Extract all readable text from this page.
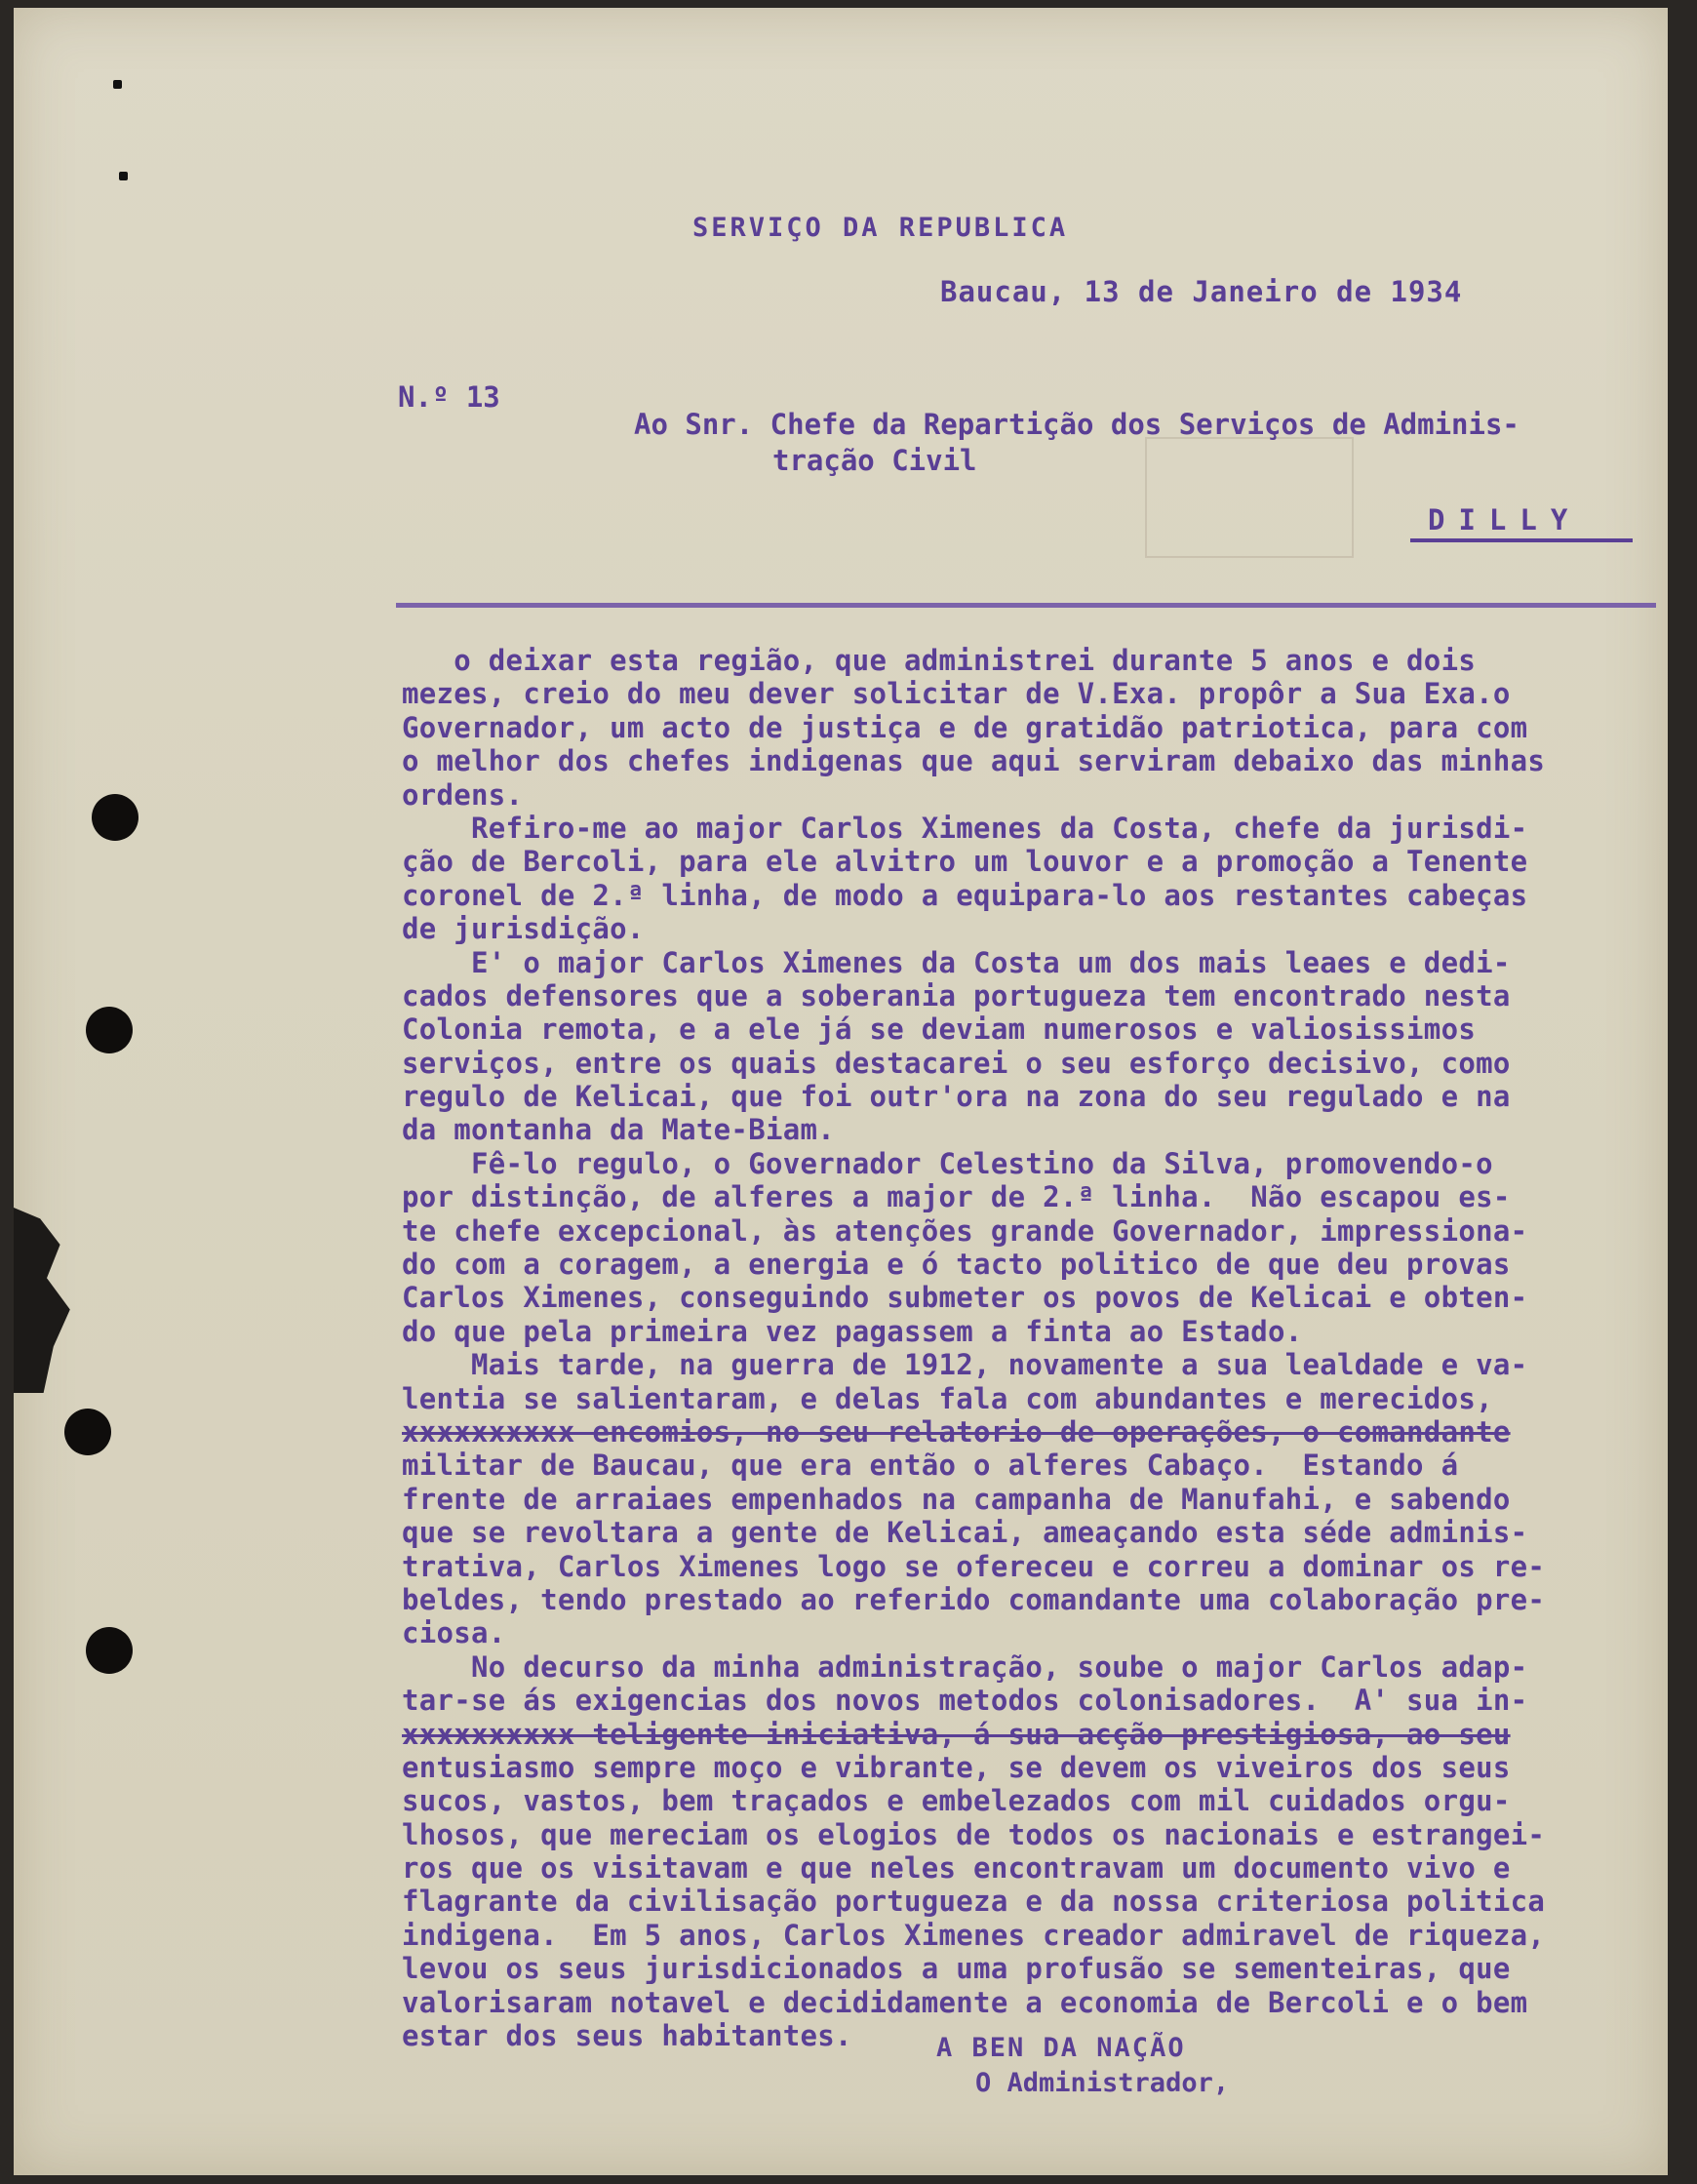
SERVIÇO DA REPUBLICA
Baucau, 13 de Janeiro de 1934
N.º 13
Ao Snr. Chefe da Repartição dos Serviços de Adminis-
tração Civil
DILLY
o deixar esta região, que administrei durante 5 anos e dois
mezes, creio do meu dever solicitar de V.Exa. propôr a Sua Exa.o
Governador, um acto de justiça e de gratidão patriotica, para com
o melhor dos chefes indigenas que aqui serviram debaixo das minhas
ordens.
Refiro-me ao major Carlos Ximenes da Costa, chefe da jurisdi-
ção de Bercoli, para ele alvitro um louvor e a promoção a Tenente
coronel de 2.ª linha, de modo a equipara-lo aos restantes cabeças
de jurisdição.
E' o major Carlos Ximenes da Costa um dos mais leaes e dedi-
cados defensores que a soberania portugueza tem encontrado nesta
Colonia remota, e a ele já se deviam numerosos e valiosissimos
serviços, entre os quais destacarei o seu esforço decisivo, como
regulo de Kelicai, que foi outr'ora na zona do seu regulado e na
da montanha da Mate-Biam.
Fê-lo regulo, o Governador Celestino da Silva, promovendo-o
por distinção, de alferes a major de 2.ª linha.  Não escapou es-
te chefe excepcional, às atenções grande Governador, impressiona-
do com a coragem, a energia e ó tacto politico de que deu provas
Carlos Ximenes, conseguindo submeter os povos de Kelicai e obten-
do que pela primeira vez pagassem a finta ao Estado.
Mais tarde, na guerra de 1912, novamente a sua lealdade e va-
lentia se salientaram, e delas fala com abundantes e merecidos,
xxxxxxxxxx encomios, no seu relatorio de operações, o comandante
militar de Baucau, que era então o alferes Cabaço.  Estando á
frente de arraiaes empenhados na campanha de Manufahi, e sabendo
que se revoltara a gente de Kelicai, ameaçando esta séde adminis-
trativa, Carlos Ximenes logo se ofereceu e correu a dominar os re-
beldes, tendo prestado ao referido comandante uma colaboração pre-
ciosa.
No decurso da minha administração, soube o major Carlos adap-
tar-se ás exigencias dos novos metodos colonisadores.  A' sua in-
xxxxxxxxxx teligente iniciativa, á sua acção prestigiosa, ao seu
entusiasmo sempre moço e vibrante, se devem os viveiros dos seus
sucos, vastos, bem traçados e embelezados com mil cuidados orgu-
lhosos, que mereciam os elogios de todos os nacionais e estrangei-
ros que os visitavam e que neles encontravam um documento vivo e
flagrante da civilisação portugueza e da nossa criteriosa politica
indigena.  Em 5 anos, Carlos Ximenes creador admiravel de riqueza,
levou os seus jurisdicionados a uma profusão se sementeiras, que
valorisaram notavel e decididamente a economia de Bercoli e o bem
estar dos seus habitantes.	A BEN DA NAÇÃO
O Administrador,
